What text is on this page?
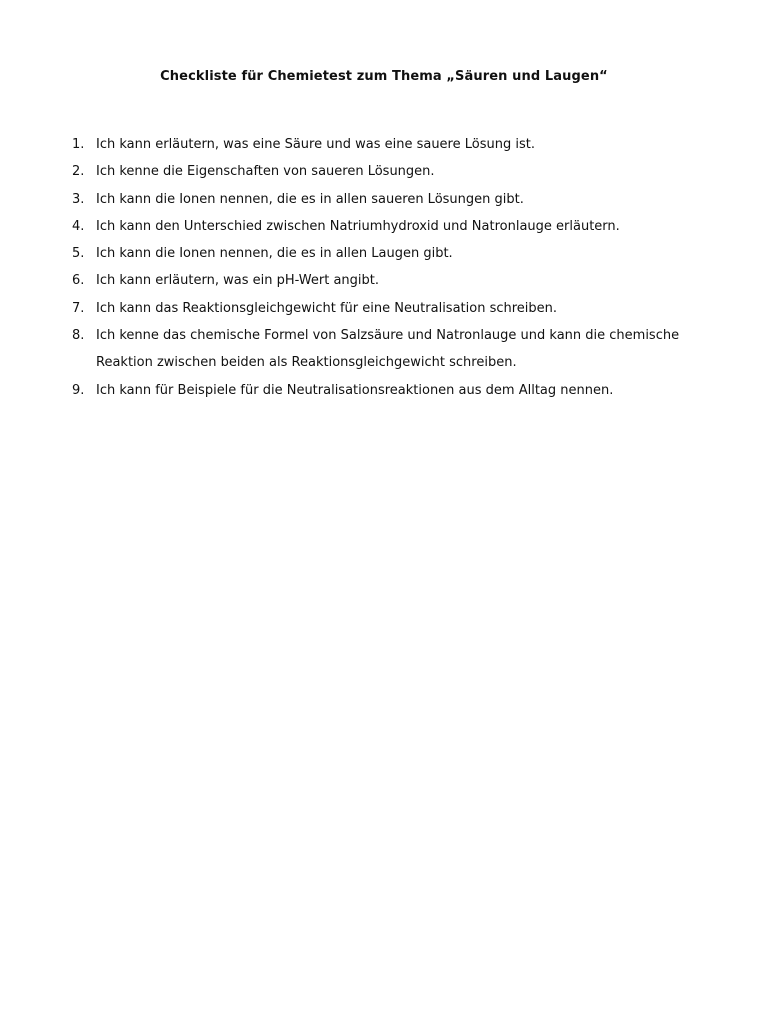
Checkliste für Chemietest zum Thema „Säuren und Laugen“
1. Ich kann erläutern, was eine Säure und was eine sauere Lösung ist.
2. Ich kenne die Eigenschaften von saueren Lösungen.
3. Ich kann die Ionen nennen, die es in allen saueren Lösungen gibt.
4. Ich kann den Unterschied zwischen Natriumhydroxid und Natronlauge erläutern.
5. Ich kann die Ionen nennen, die es in allen Laugen gibt.
6. Ich kann erläutern, was ein pH-Wert angibt.
7. Ich kann das Reaktionsgleichgewicht für eine Neutralisation schreiben.
8. Ich kenne das chemische Formel von Salzsäure und Natronlauge und kann die chemische
Reaktion zwischen beiden als Reaktionsgleichgewicht schreiben.
9. Ich kann für Beispiele für die Neutralisationsreaktionen aus dem Alltag nennen.
